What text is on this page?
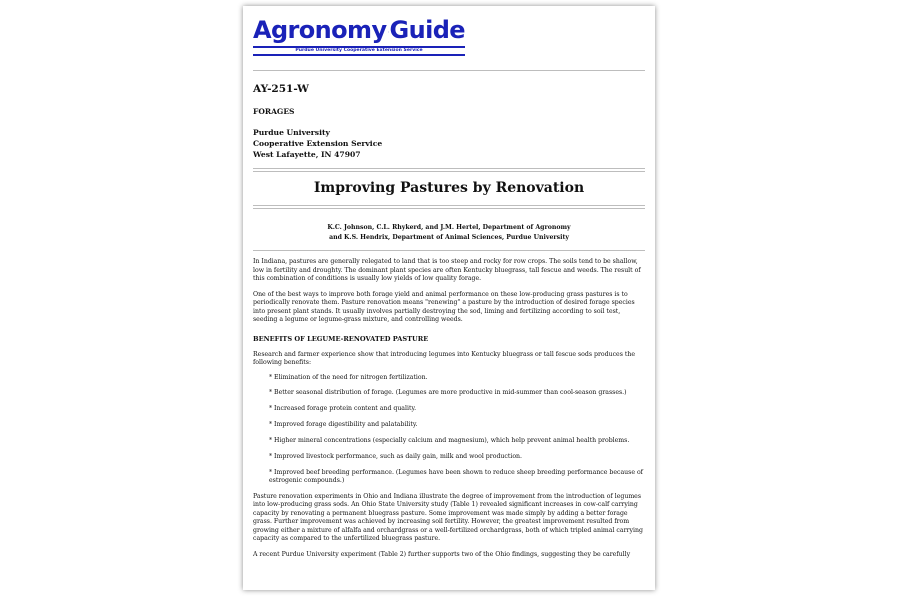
Agronomy Guide
Purdue University Cooperative Extension Service
AY-251-W
FORAGES
Purdue University
Cooperative Extension Service
West Lafayette, IN 47907
Improving Pastures by Renovation
K.C. Johnson, C.L. Rhykerd, and J.M. Hertel, Department of Agronomy
and K.S. Hendrix, Department of Animal Sciences, Purdue University

In Indiana, pastures are generally relegated to land that is too steep and rocky for row crops. The soils tend to be shallow, low in fertility and droughty. The dominant plant species are often Kentucky bluegrass, tall fescue and weeds. The result of this combination of conditions is usually low yields of low quality forage.

One of the best ways to improve both forage yield and animal performance on these low-producing grass pastures is to periodically renovate them. Pasture renovation means "renewing" a pasture by the introduction of desired forage species into present plant stands. It usually involves partially destroying the sod, liming and fertilizing according to soil test, seeding a legume or legume-grass mixture, and controlling weeds.

BENEFITS OF LEGUME-RENOVATED PASTURE

Research and farmer experience show that introducing legumes into Kentucky bluegrass or tall fescue sods produces the following benefits:

* Elimination of the need for nitrogen fertilization.
* Better seasonal distribution of forage. (Legumes are more productive in mid-summer than cool-season grasses.)
* Increased forage protein content and quality.
* Improved forage digestibility and palatability.
* Higher mineral concentrations (especially calcium and magnesium), which help prevent animal health problems.
* Improved livestock performance, such as daily gain, milk and wool production.
* Improved beef breeding performance. (Legumes have been shown to reduce sheep breeding performance because of estrogenic compounds.)

Pasture renovation experiments in Ohio and Indiana illustrate the degree of improvement from the introduction of legumes into low-producing grass sods. An Ohio State University study (Table 1) revealed significant increases in cow-calf carrying capacity by renovating a permanent bluegrass pasture. Some improvement was made simply by adding a better forage grass. Further improvement was achieved by increasing soil fertility. However, the greatest improvement resulted from growing either a mixture of alfalfa and orchardgrass or a well-fertilized orchardgrass, both of which tripled animal carrying capacity as compared to the unfertilized bluegrass pasture.

A recent Purdue University experiment (Table 2) further supports two of the Ohio findings, suggesting they be carefully
